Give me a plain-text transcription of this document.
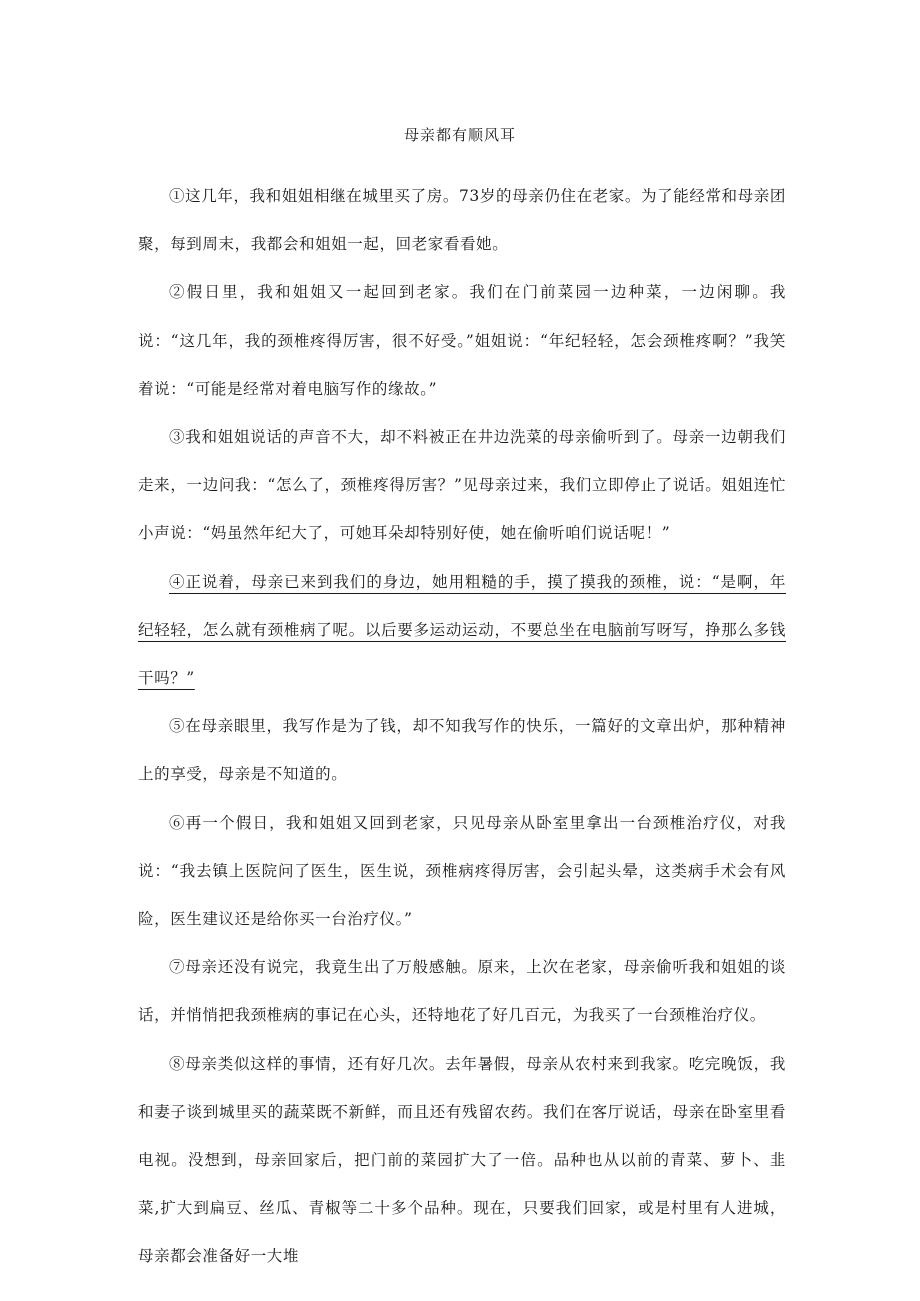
母亲都有顺风耳

①这几年，我和姐姐相继在城里买了房。73岁的母亲仍住在老家。为了能经常和母亲团聚，每到周末，我都会和姐姐一起，回老家看看她。

②假日里，我和姐姐又一起回到老家。我们在门前菜园一边种菜，一边闲聊。我说：“这几年，我的颈椎疼得厉害，很不好受。”姐姐说：“年纪轻轻，怎会颈椎疼啊？”我笑着说：“可能是经常对着电脑写作的缘故。”

③我和姐姐说话的声音不大，却不料被正在井边洗菜的母亲偷听到了。母亲一边朝我们走来，一边问我：“怎么了，颈椎疼得厉害？”见母亲过来，我们立即停止了说话。姐姐连忙小声说：“妈虽然年纪大了，可她耳朵却特别好使，她在偷听咱们说话呢！”

④正说着，母亲已来到我们的身边，她用粗糙的手，摸了摸我的颈椎，说：“是啊，年纪轻轻，怎么就有颈椎病了呢。以后要多运动运动，不要总坐在电脑前写呀写，挣那么多钱干吗？”

⑤在母亲眼里，我写作是为了钱，却不知我写作的快乐，一篇好的文章出炉，那种精神上的享受，母亲是不知道的。

⑥再一个假日，我和姐姐又回到老家，只见母亲从卧室里拿出一台颈椎治疗仪，对我说：“我去镇上医院问了医生，医生说，颈椎病疼得厉害，会引起头晕，这类病手术会有风险，医生建议还是给你买一台治疗仪。”

⑦母亲还没有说完，我竟生出了万般感触。原来，上次在老家，母亲偷听我和姐姐的谈话，并悄悄把我颈椎病的事记在心头，还特地花了好几百元，为我买了一台颈椎治疗仪。

⑧母亲类似这样的事情，还有好几次。去年暑假，母亲从农村来到我家。吃完晚饭，我和妻子谈到城里买的蔬菜既不新鲜，而且还有残留农药。我们在客厅说话，母亲在卧室里看电视。没想到，母亲回家后，把门前的菜园扩大了一倍。品种也从以前的青菜、萝卜、韭菜,扩大到扁豆、丝瓜、青椒等二十多个品种。现在，只要我们回家，或是村里有人进城，母亲都会准备好一大堆
